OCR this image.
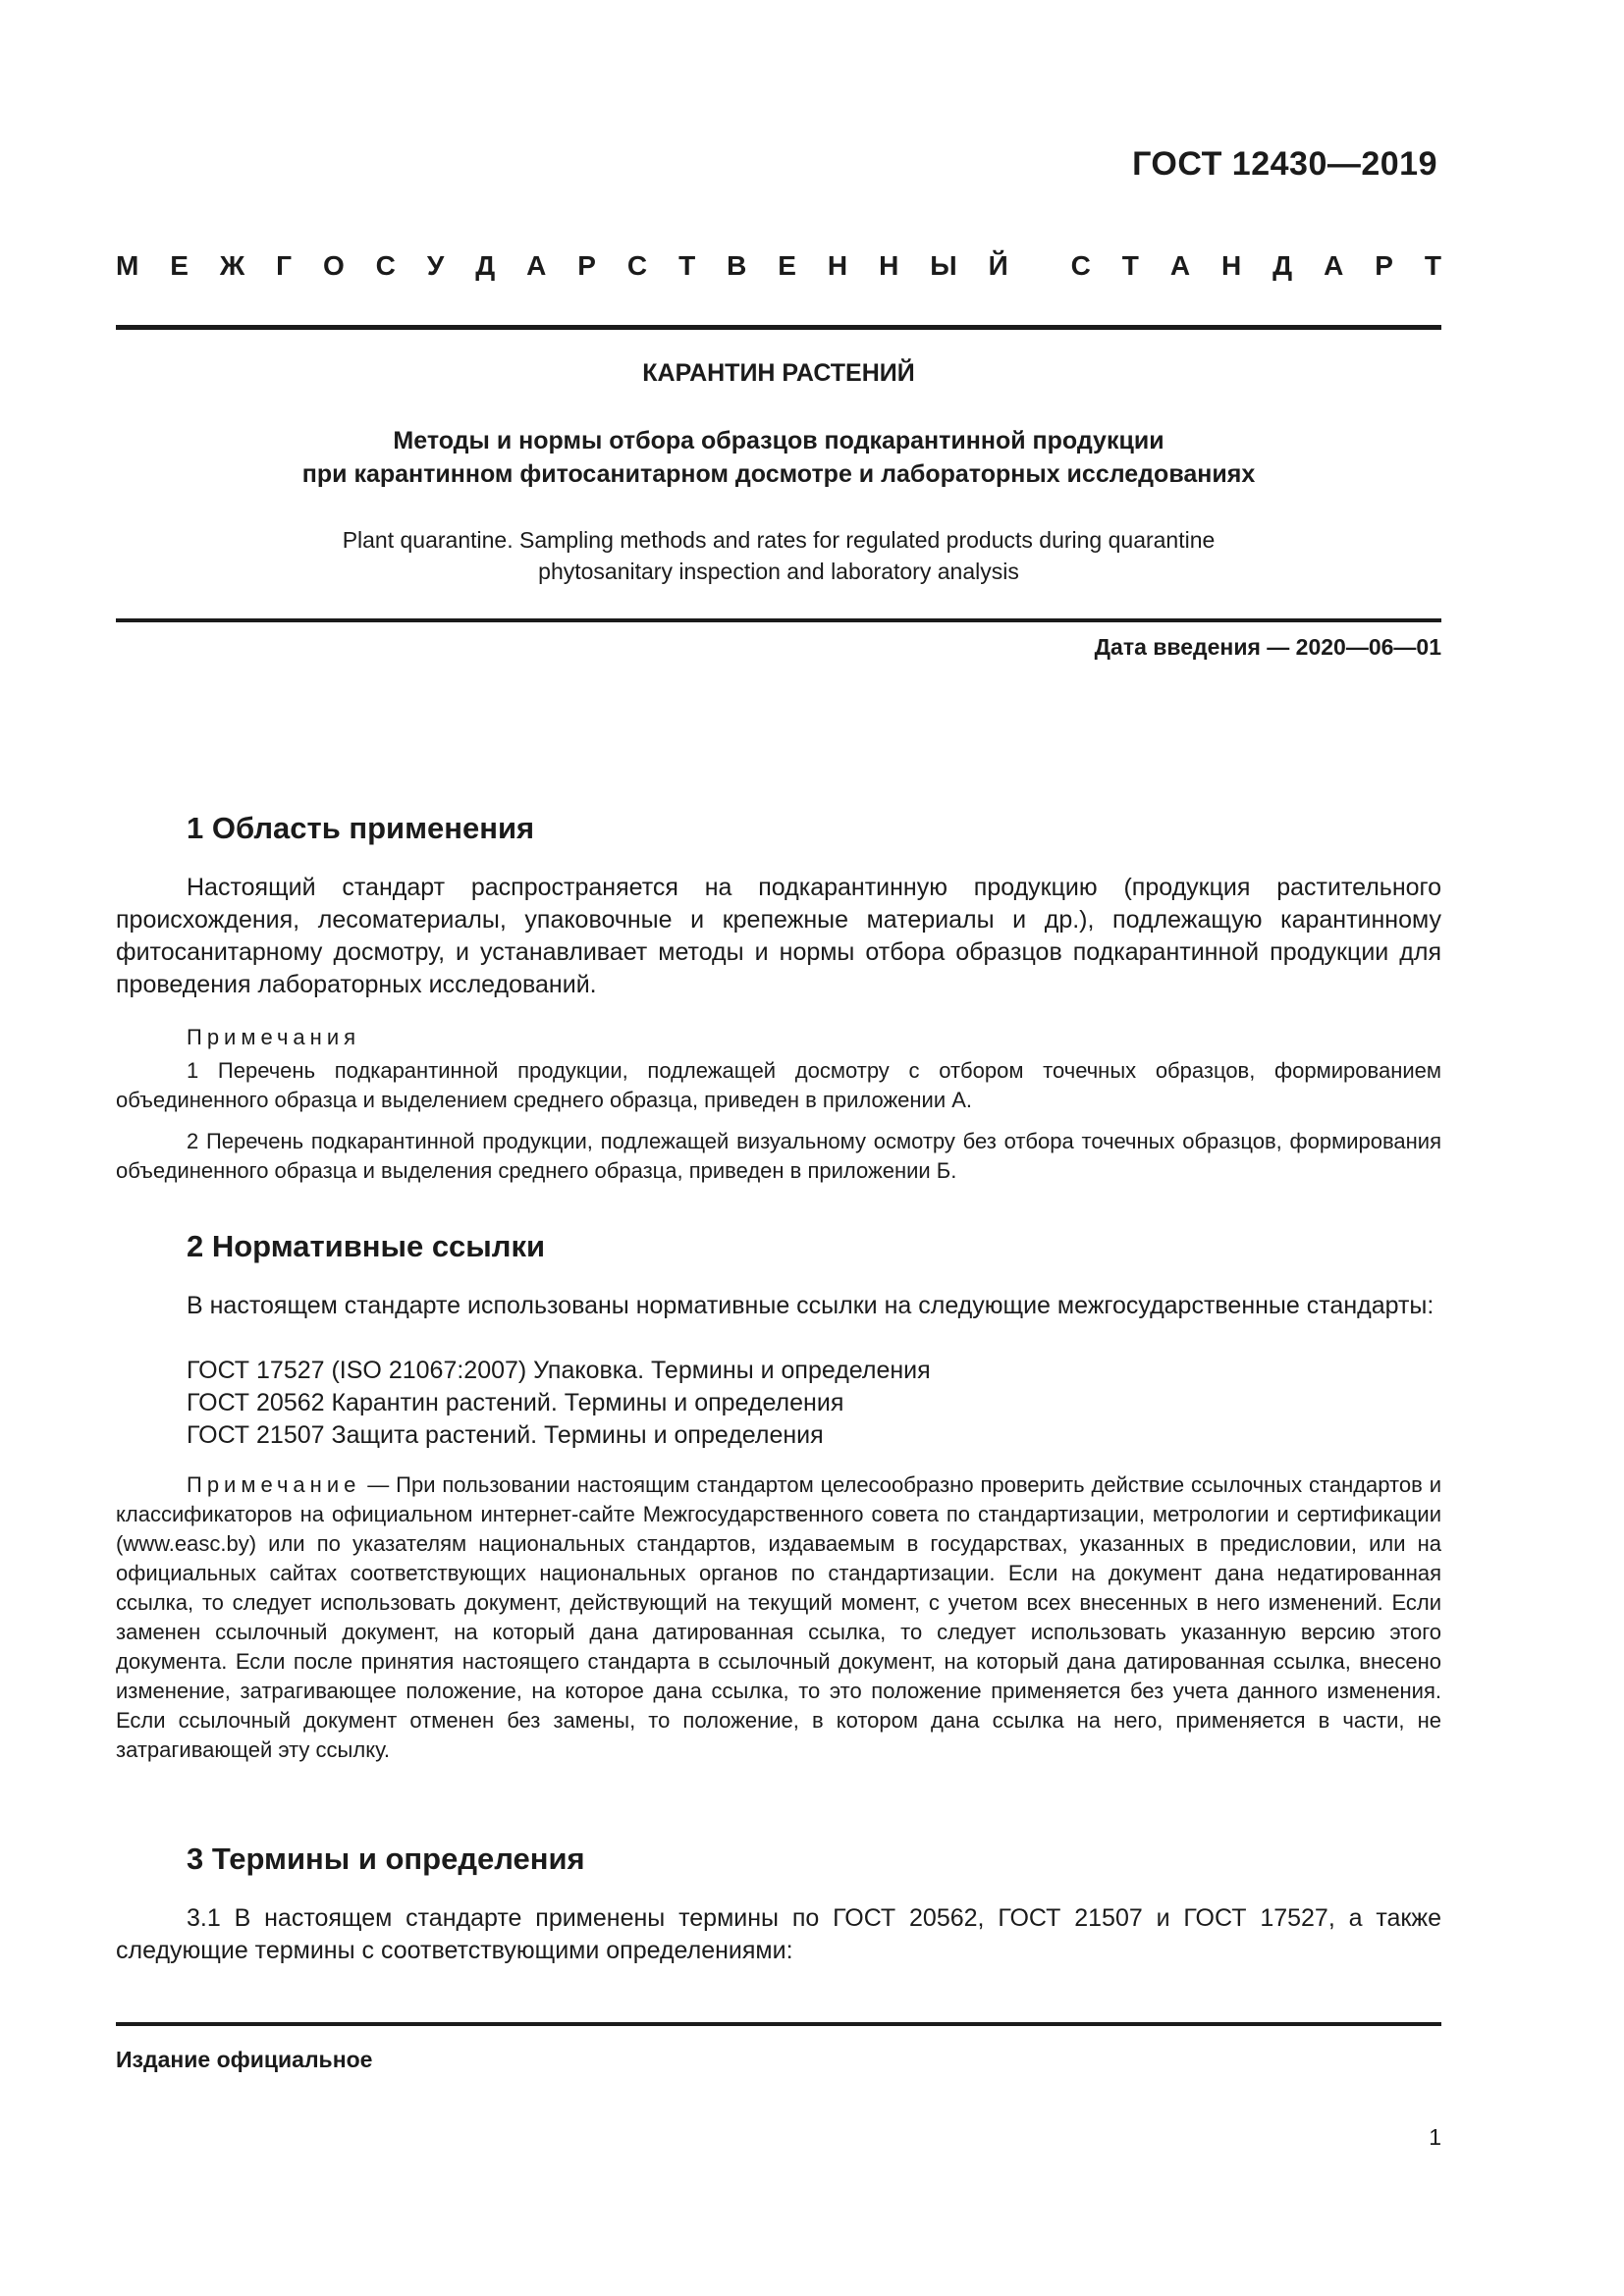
ГОСТ 12430—2019
М Е Ж Г О С У Д А Р С Т В Е Н Н Ы Й С Т А Н Д А Р Т
КАРАНТИН РАСТЕНИЙ
Методы и нормы отбора образцов подкарантинной продукции
при карантинном фитосанитарном досмотре и лабораторных исследованиях
Plant quarantine. Sampling methods and rates for regulated products during quarantine
phytosanitary inspection and laboratory analysis
Дата введения — 2020—06—01
1 Область применения
Настоящий стандарт распространяется на подкарантинную продукцию (продукция растительного происхождения, лесоматериалы, упаковочные и крепежные материалы и др.), подлежащую карантинному фитосанитарному досмотру, и устанавливает методы и нормы отбора образцов подкарантинной продукции для проведения лабораторных исследований.
Примечания
1 Перечень подкарантинной продукции, подлежащей досмотру с отбором точечных образцов, формированием объединенного образца и выделением среднего образца, приведен в приложении А.
2 Перечень подкарантинной продукции, подлежащей визуальному осмотру без отбора точечных образцов, формирования объединенного образца и выделения среднего образца, приведен в приложении Б.
2 Нормативные ссылки
В настоящем стандарте использованы нормативные ссылки на следующие межгосударственные стандарты:
ГОСТ 17527 (ISO 21067:2007) Упаковка. Термины и определения
ГОСТ 20562 Карантин растений. Термины и определения
ГОСТ 21507 Защита растений. Термины и определения
Примечание — При пользовании настоящим стандартом целесообразно проверить действие ссылочных стандартов и классификаторов на официальном интернет-сайте Межгосударственного совета по стандартизации, метрологии и сертификации (www.easc.by) или по указателям национальных стандартов, издаваемым в государствах, указанных в предисловии, или на официальных сайтах соответствующих национальных органов по стандартизации. Если на документ дана недатированная ссылка, то следует использовать документ, действующий на текущий момент, с учетом всех внесенных в него изменений. Если заменен ссылочный документ, на который дана датированная ссылка, то следует использовать указанную версию этого документа. Если после принятия настоящего стандарта в ссылочный документ, на который дана датированная ссылка, внесено изменение, затрагивающее положение, на которое дана ссылка, то это положение применяется без учета данного изменения. Если ссылочный документ отменен без замены, то положение, в котором дана ссылка на него, применяется в части, не затрагивающей эту ссылку.
3 Термины и определения
3.1 В настоящем стандарте применены термины по ГОСТ 20562, ГОСТ 21507 и ГОСТ 17527, а также следующие термины с соответствующими определениями:
Издание официальное
1
